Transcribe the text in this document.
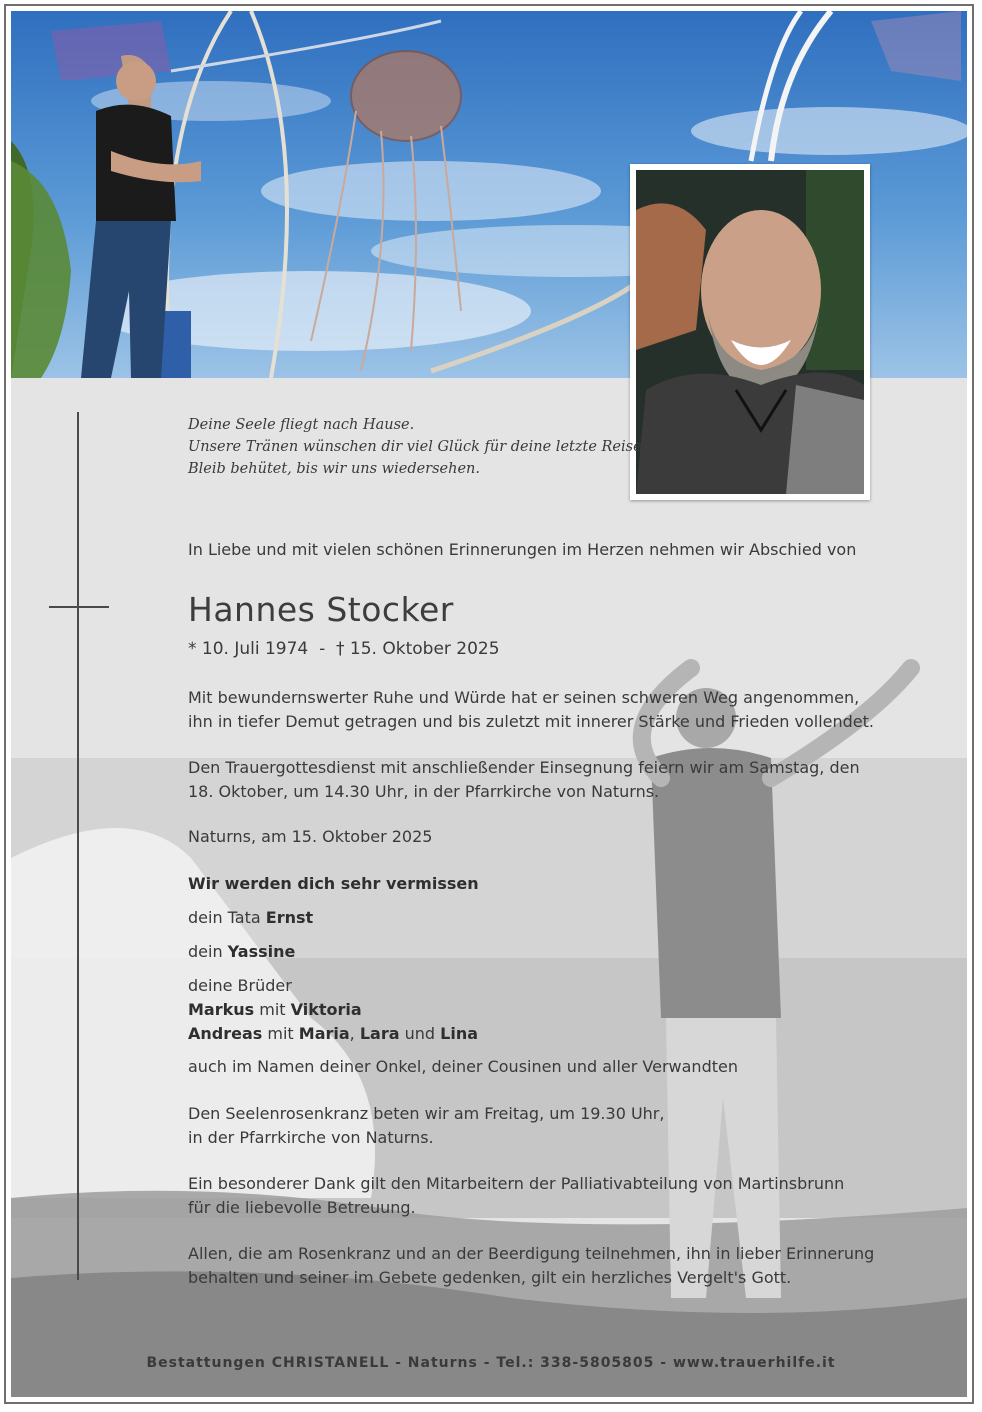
Deine Seele fliegt nach Hause.
Unsere Tränen wünschen dir viel Glück für deine letzte Reise.
Bleib behütet, bis wir uns wiedersehen.
In Liebe und mit vielen schönen Erinnerungen im Herzen nehmen wir Abschied von
Hannes Stocker
* 10. Juli 1974 - † 15. Oktober 2025
Mit bewundernswerter Ruhe und Würde hat er seinen schweren Weg angenommen,
ihn in tiefer Demut getragen und bis zuletzt mit innerer Stärke und Frieden vollendet.
Den Trauergottesdienst mit anschließender Einsegnung feiern wir am Samstag, den
18. Oktober, um 14.30 Uhr, in der Pfarrkirche von Naturns.
Naturns, am 15. Oktober 2025
Wir werden dich sehr vermissen
dein Tata Ernst
dein Yassine
deine Brüder
Markus mit Viktoria
Andreas mit Maria, Lara und Lina
auch im Namen deiner Onkel, deiner Cousinen und aller Verwandten
Den Seelenrosenkranz beten wir am Freitag, um 19.30 Uhr,
in der Pfarrkirche von Naturns.
Ein besonderer Dank gilt den Mitarbeitern der Palliativabteilung von Martinsbrunn
für die liebevolle Betreuung.
Allen, die am Rosenkranz und an der Beerdigung teilnehmen, ihn in lieber Erinnerung
behalten und seiner im Gebete gedenken, gilt ein herzliches Vergelt's Gott.
Bestattungen CHRISTANELL - Naturns - Tel.: 338-5805805 - www.trauerhilfe.it
